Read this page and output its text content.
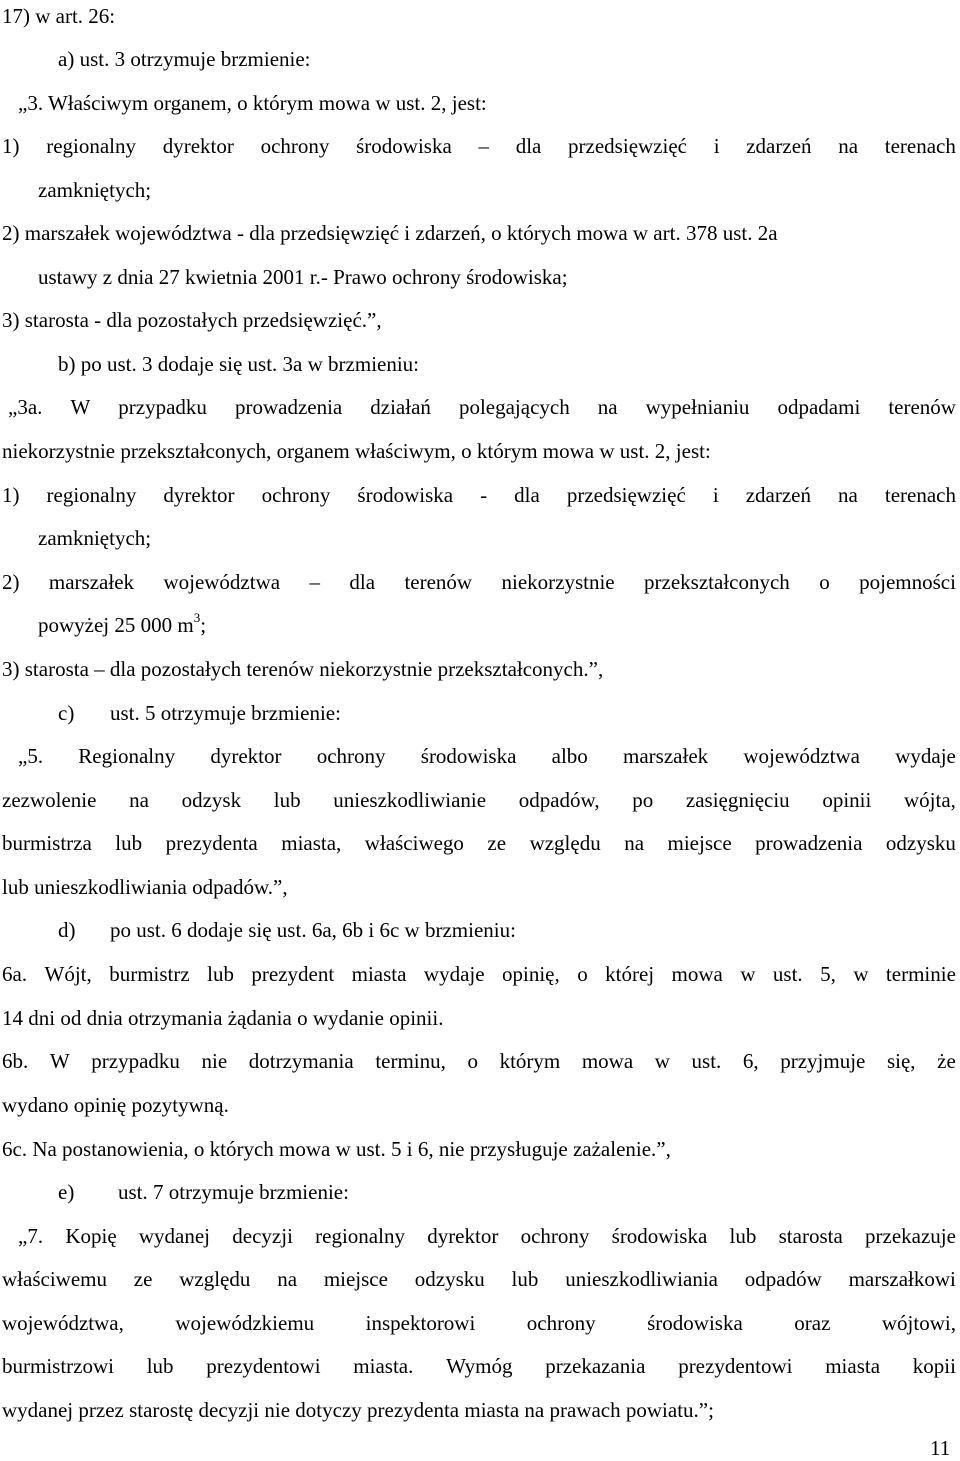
17) w art. 26:
a) ust. 3 otrzymuje brzmienie:
„3. Właściwym organem, o którym mowa w ust. 2, jest:
1) regionalny dyrektor ochrony środowiska – dla przedsięwzięć i zdarzeń na terenach
zamkniętych;
2) marszałek województwa - dla przedsięwzięć i zdarzeń, o których mowa w art. 378 ust. 2a
ustawy z dnia 27 kwietnia 2001 r.- Prawo ochrony środowiska;
3) starosta - dla pozostałych przedsięwzięć.”,
b) po ust. 3 dodaje się ust. 3a w brzmieniu:
„3a. W przypadku prowadzenia działań polegających na wypełnianiu odpadami terenów
niekorzystnie przekształconych, organem właściwym, o którym mowa w ust. 2, jest:
1) regionalny dyrektor ochrony środowiska - dla przedsięwzięć i zdarzeń na terenach
zamkniętych;
2) marszałek województwa – dla terenów niekorzystnie przekształconych o pojemności
powyżej 25 000 $m^3$;
3) starosta – dla pozostałych terenów niekorzystnie przekształconych.”,
c) ust. 5 otrzymuje brzmienie:
„5. Regionalny dyrektor ochrony środowiska albo marszałek województwa wydaje
zezwolenie na odzysk lub unieszkodliwianie odpadów, po zasięgnięciu opinii wójta,
burmistrza lub prezydenta miasta, właściwego ze względu na miejsce prowadzenia odzysku
lub unieszkodliwiania odpadów.”,
d) po ust. 6 dodaje się ust. 6a, 6b i 6c w brzmieniu:
6a. Wójt, burmistrz lub prezydent miasta wydaje opinię, o której mowa w ust. 5, w terminie
14 dni od dnia otrzymania żądania o wydanie opinii.
6b. W przypadku nie dotrzymania terminu, o którym mowa w ust. 6, przyjmuje się, że
wydano opinię pozytywną.
6c. Na postanowienia, o których mowa w ust. 5 i 6, nie przysługuje zażalenie.”,
e) ust. 7 otrzymuje brzmienie:
„7. Kopię wydanej decyzji regionalny dyrektor ochrony środowiska lub starosta przekazuje
właściwemu ze względu na miejsce odzysku lub unieszkodliwiania odpadów marszałkowi
województwa, wojewódzkiemu inspektorowi ochrony środowiska oraz wójtowi,
burmistrzowi lub prezydentowi miasta. Wymóg przekazania prezydentowi miasta kopii
wydanej przez starostę decyzji nie dotyczy prezydenta miasta na prawach powiatu.”;
11
